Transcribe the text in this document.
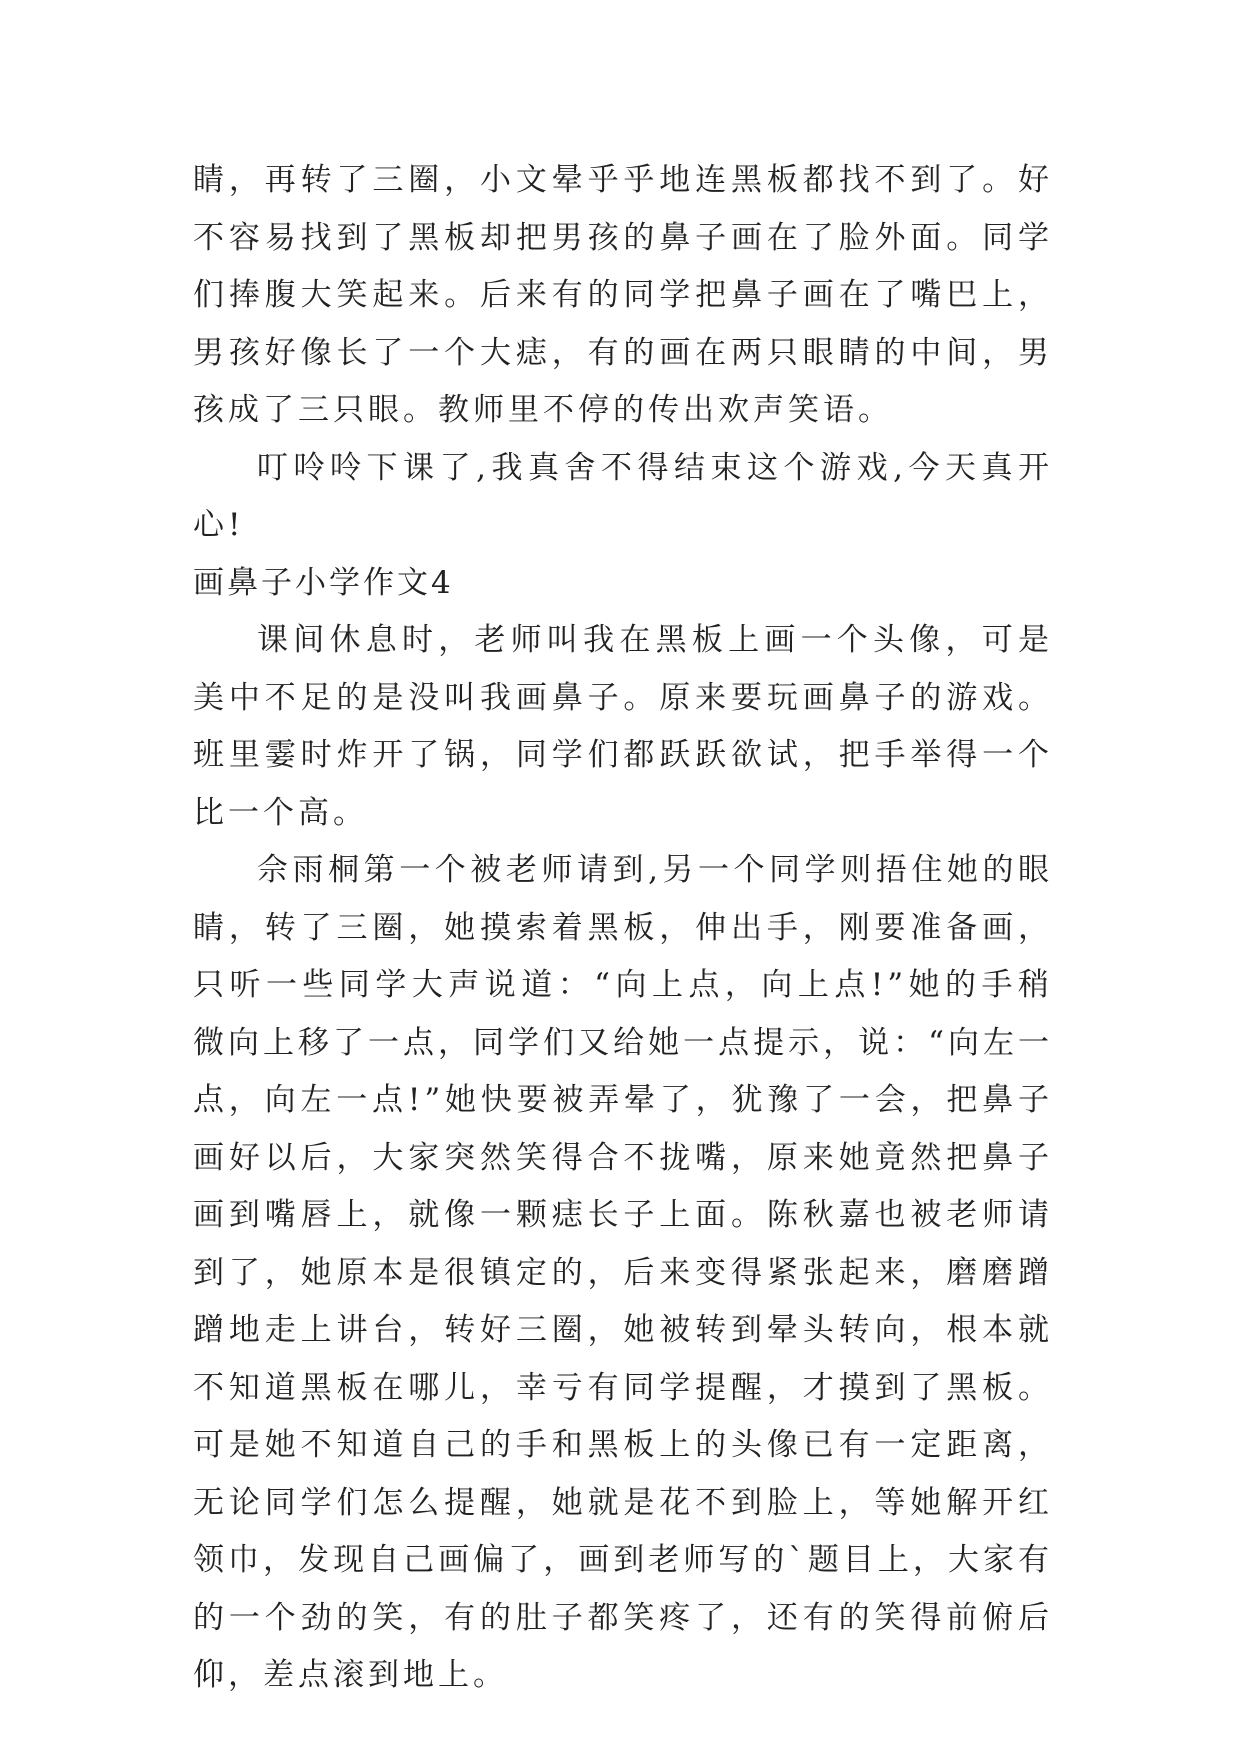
睛，再转了三圈，小文晕乎乎地连黑板都找不到了。好不容易找到了黑板却把男孩的鼻子画在了脸外面。同学们捧腹大笑起来。后来有的同学把鼻子画在了嘴巴上，男孩好像长了一个大痣，有的画在两只眼睛的中间，男孩成了三只眼。教师里不停的传出欢声笑语。

叮呤呤下课了,我真舍不得结束这个游戏,今天真开心!

画鼻子小学作文4

课间休息时，老师叫我在黑板上画一个头像，可是美中不足的是没叫我画鼻子。原来要玩画鼻子的游戏。班里霎时炸开了锅，同学们都跃跃欲试，把手举得一个比一个高。

佘雨桐第一个被老师请到,另一个同学则捂住她的眼睛，转了三圈，她摸索着黑板，伸出手，刚要准备画，只听一些同学大声说道：“向上点，向上点!”她的手稍微向上移了一点，同学们又给她一点提示，说：“向左一点，向左一点!”她快要被弄晕了，犹豫了一会，把鼻子画好以后，大家突然笑得合不拢嘴，原来她竟然把鼻子画到嘴唇上，就像一颗痣长子上面。陈秋嘉也被老师请到了，她原本是很镇定的，后来变得紧张起来，磨磨蹭蹭地走上讲台，转好三圈，她被转到晕头转向，根本就不知道黑板在哪儿，幸亏有同学提醒，才摸到了黑板。可是她不知道自己的手和黑板上的头像已有一定距离，无论同学们怎么提醒，她就是花不到脸上，等她解开红领巾，发现自己画偏了，画到老师写的`题目上，大家有的一个劲的笑，有的肚子都笑疼了，还有的笑得前俯后仰，差点滚到地上。
